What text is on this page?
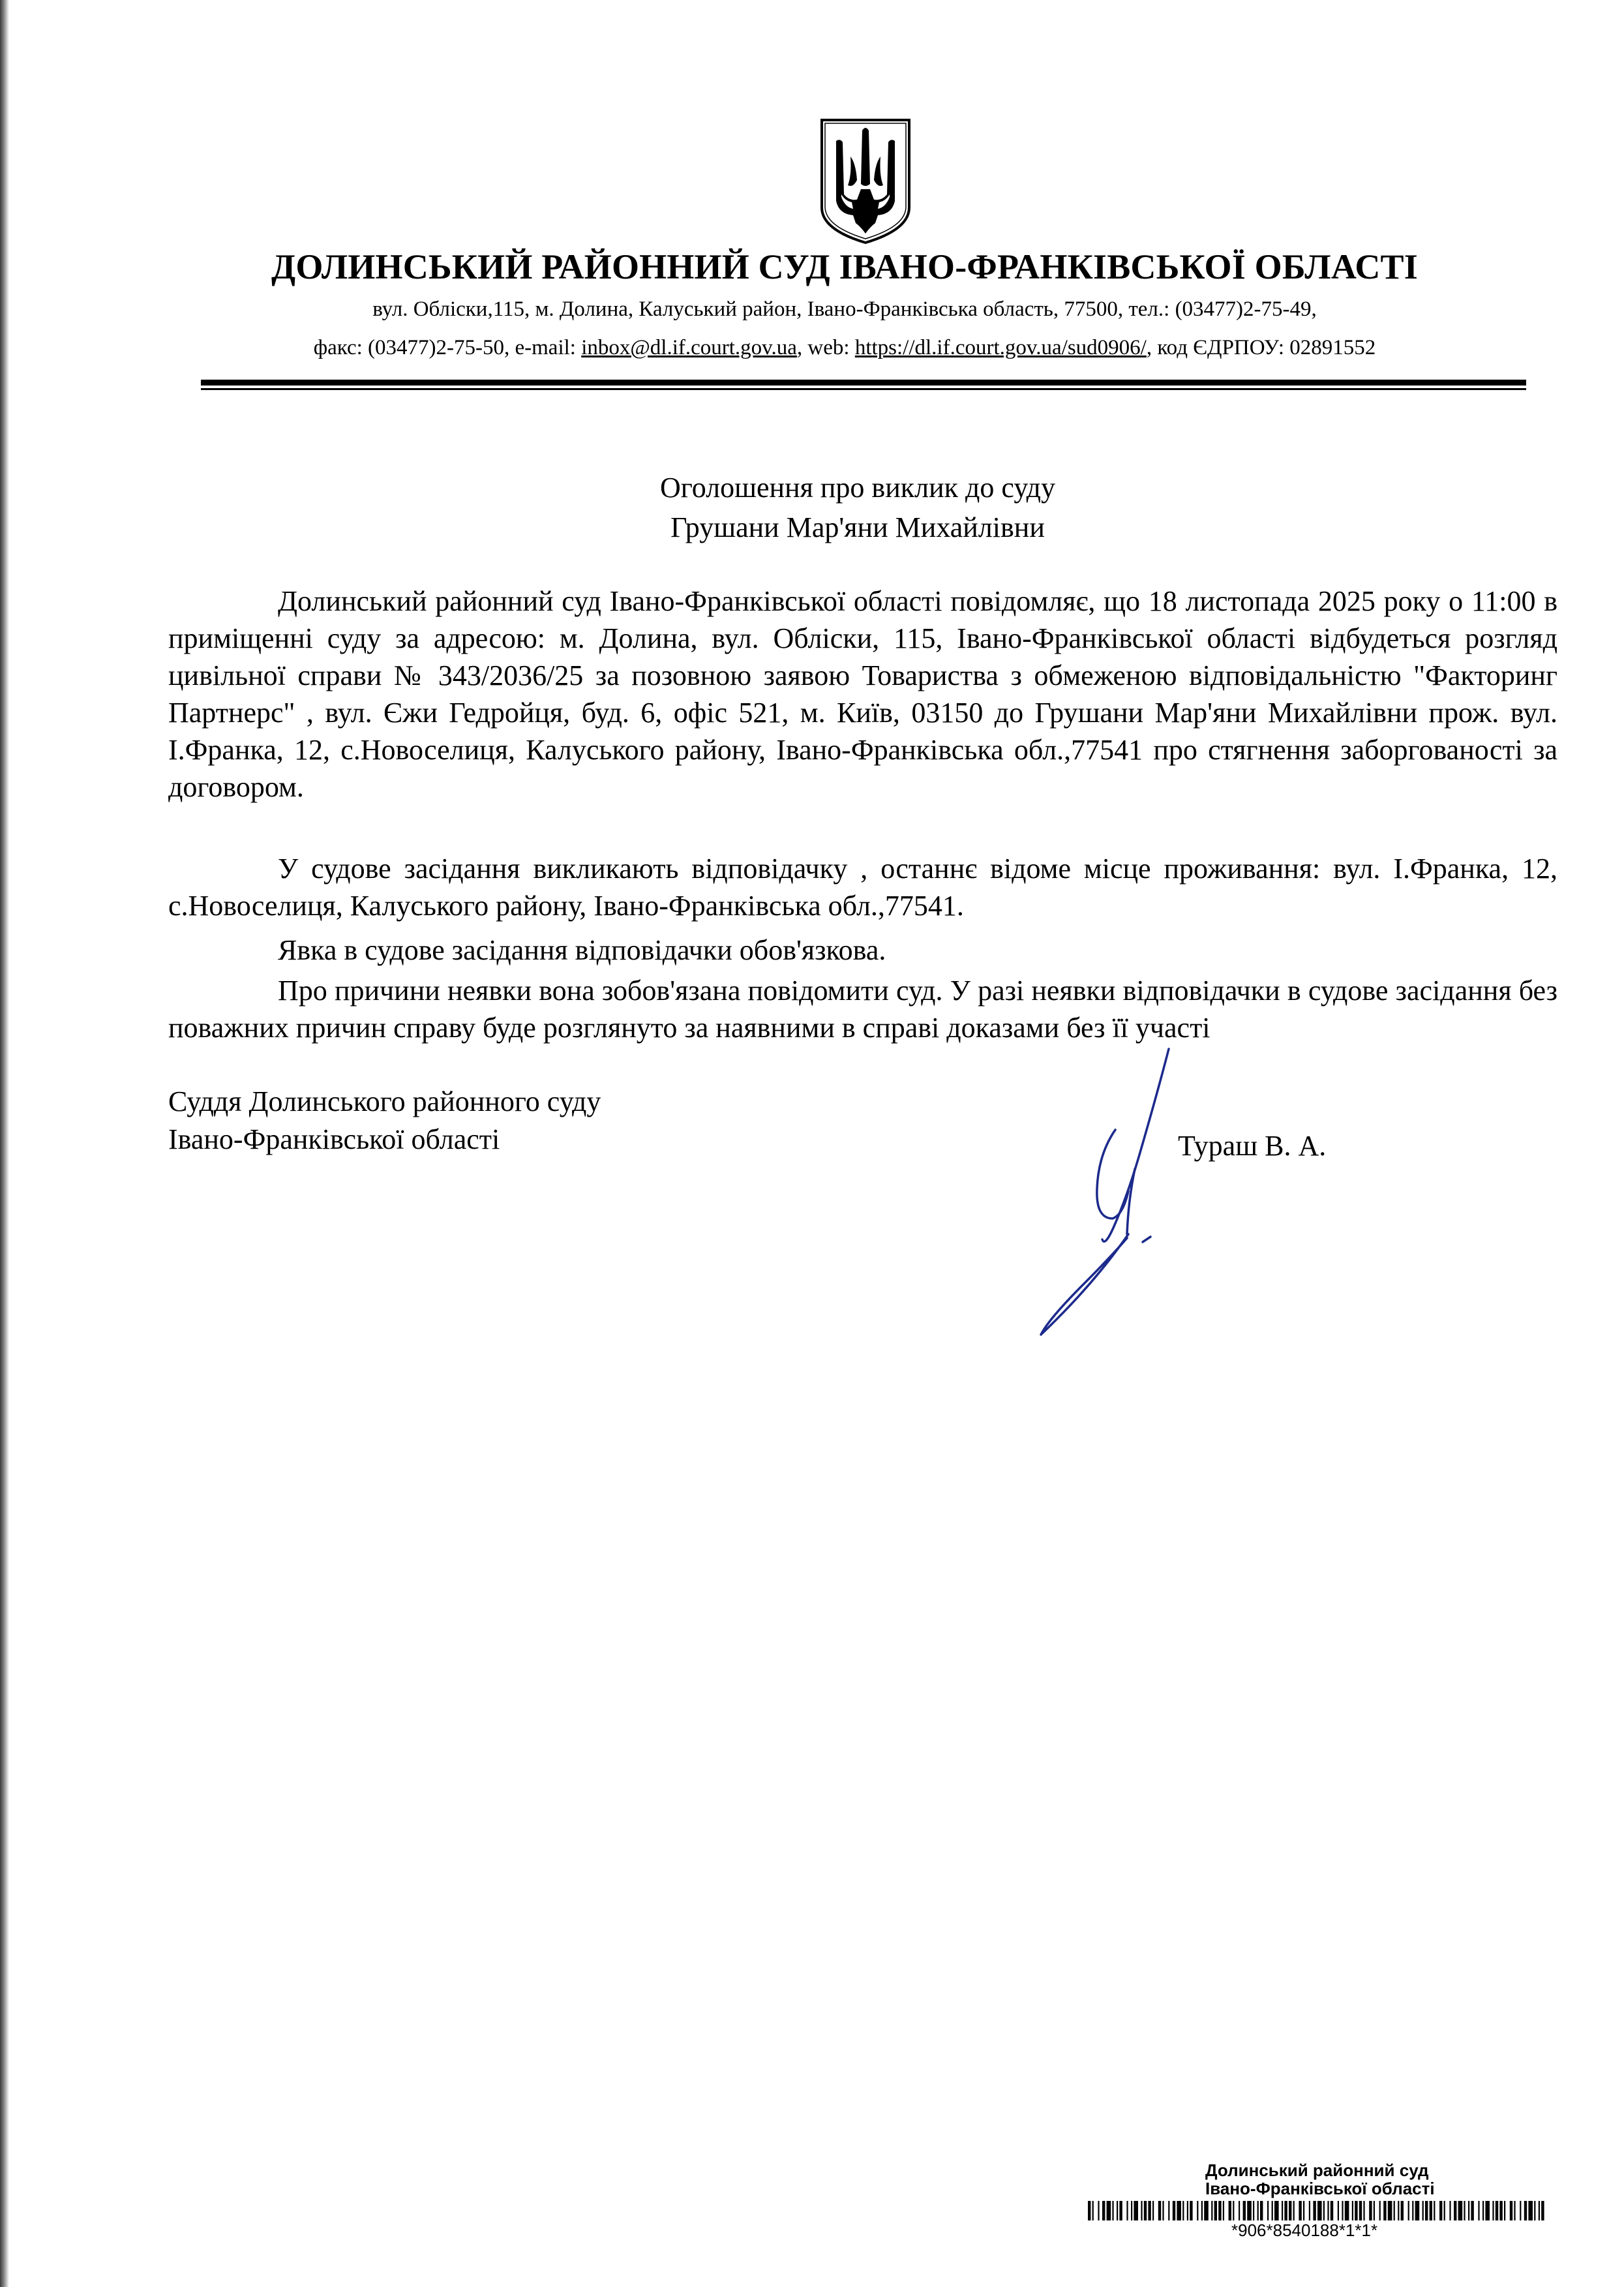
ДОЛИНСЬКИЙ РАЙОННИЙ СУД ІВАНО-ФРАНКІВСЬКОЇ ОБЛАСТІ
вул. Обліски,115, м. Долина, Калуський район, Івано-Франківська область, 77500, тел.: (03477)2-75-49,
факс: (03477)2-75-50, e-mail: inbox@dl.if.court.gov.ua, web: https://dl.if.court.gov.ua/sud0906/, код ЄДРПОУ: 02891552
Оголошення про виклик до суду
Грушани Мар'яни Михайлівни
Долинський районний суд Івано-Франківської області повідомляє, що 18 листопада 2025 року о 11:00 в приміщенні суду за адресою: м. Долина, вул. Обліски, 115, Івано-Франківської області відбудеться розгляд цивільної справи № 343/2036/25 за позовною заявою Товариства з обмеженою відповідальністю "Факторинг Партнерс" , вул. Єжи Гедройця, буд. 6, офіс 521, м. Київ, 03150 до Грушани Мар'яни Михайлівни прож. вул. І.Франка, 12, с.Новоселиця, Калуського району, Івано-Франківська обл.,77541 про стягнення заборгованості за договором.
У судове засідання викликають відповідачку , останнє відоме місце проживання: вул. І.Франка, 12, с.Новоселиця, Калуського району, Івано-Франківська обл.,77541.
Явка в судове засідання відповідачки обов'язкова.
Про причини неявки вона зобов'язана повідомити суд. У разі неявки відповідачки в судове засідання без поважних причин справу буде розглянуто за наявними в справі доказами без її участі
Суддя Долинського районного суду
Івано-Франківської області	Тураш В. А.
Долинський районний суд
Івано-Франківської області
*906*8540188*1*1*
